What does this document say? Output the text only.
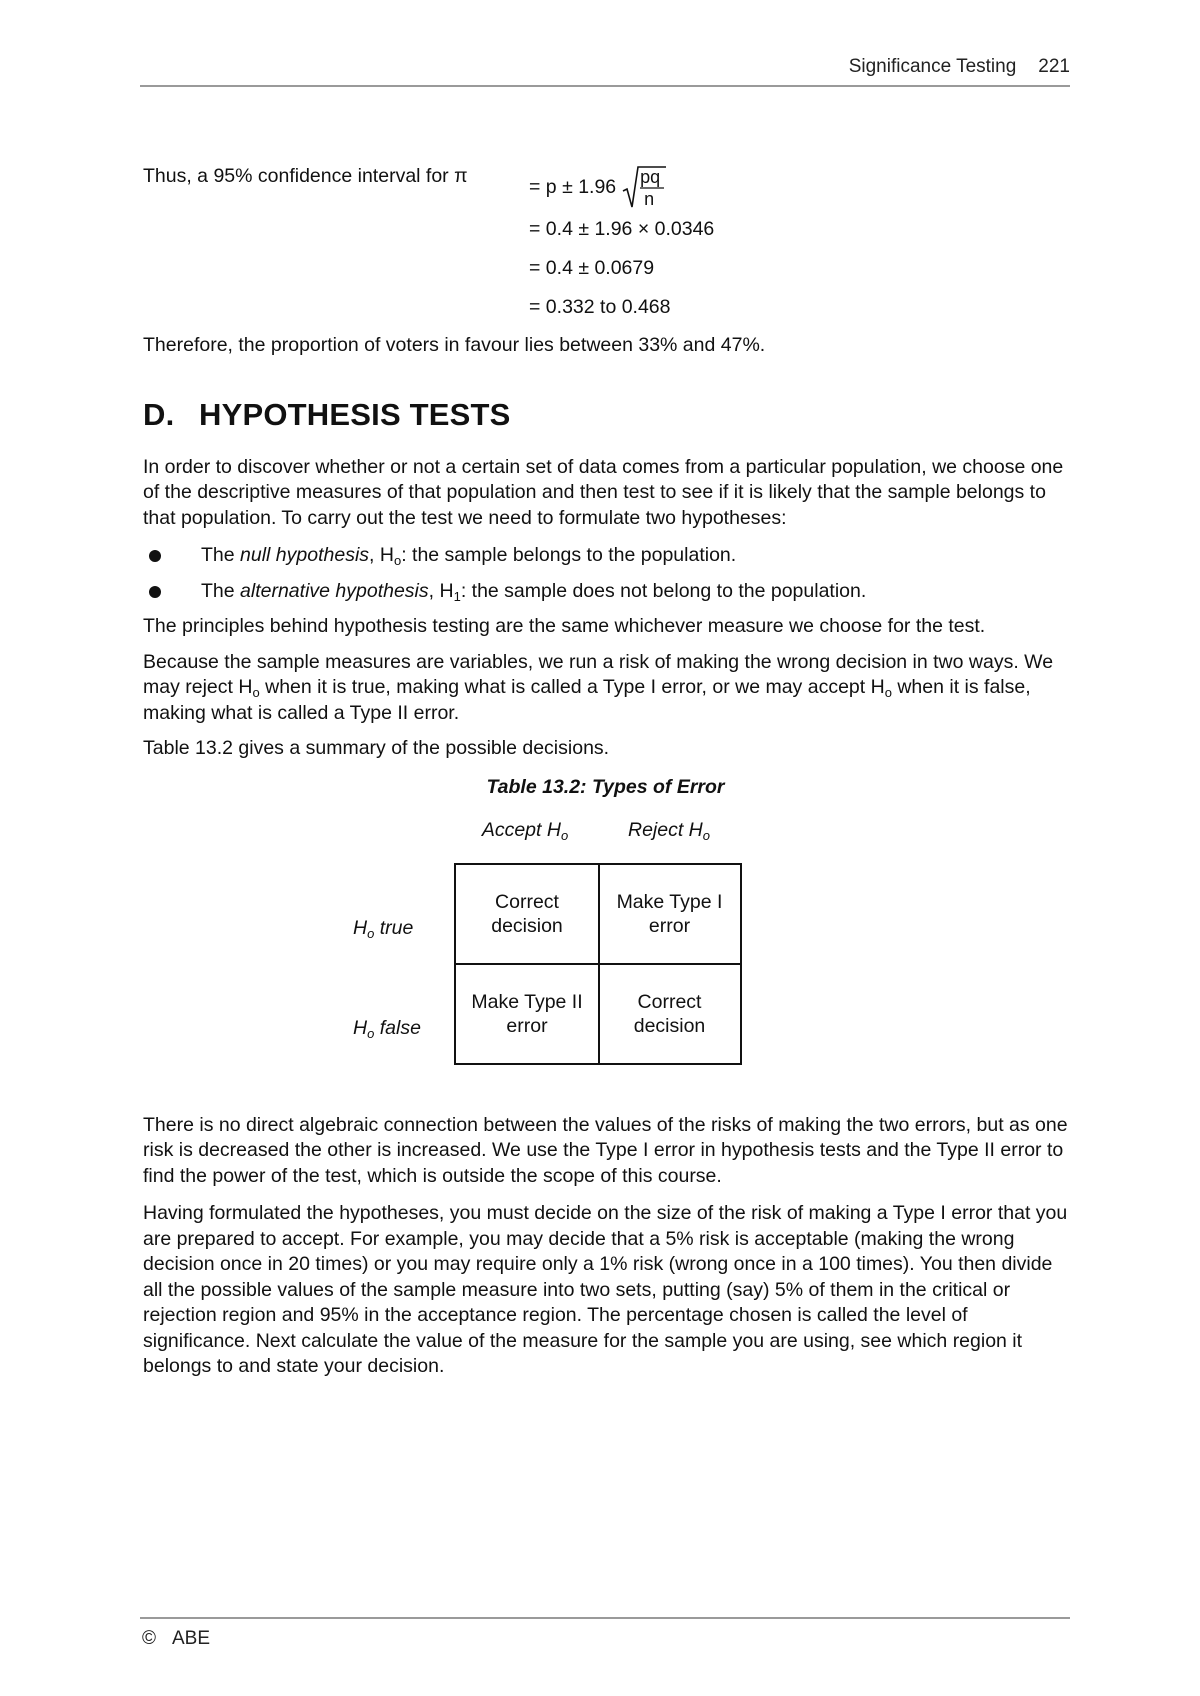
Significance Testing 221
Thus, a 95% confidence interval for π
= p ± 1.96 pq
n
= 0.4 ± 1.96 × 0.0346
= 0.4 ± 0.0679
= 0.332 to 0.468

Therefore, the proportion of voters in favour lies between 33% and 47%.

D. HYPOTHESIS TESTS

In order to discover whether or not a certain set of data comes from a particular population, we choose one of the descriptive measures of that population and then test to see if it is likely that the sample belongs to that population. To carry out the test we need to formulate two hypotheses:

The null hypothesis, $H_o$: the sample belongs to the population.
The alternative hypothesis, $H_1$: the sample does not belong to the population.

The principles behind hypothesis testing are the same whichever measure we choose for the test.

Because the sample measures are variables, we run a risk of making the wrong decision in two ways. We may reject $H_o$ when it is true, making what is called a Type I error, or we may accept $H_o$ when it is false, making what is called a Type II error.

Table 13.2 gives a summary of the possible decisions.

Table 13.2: Types of Error
Accept $H_o$	Reject $H_o$
$H_o$ true
$H_o$ false
Correct decision
Make Type I error
Make Type II error
Correct decision

There is no direct algebraic connection between the values of the risks of making the two errors, but as one risk is decreased the other is increased. We use the Type I error in hypothesis tests and the Type II error to find the power of the test, which is outside the scope of this course.

Having formulated the hypotheses, you must decide on the size of the risk of making a Type I error that you are prepared to accept. For example, you may decide that a 5% risk is acceptable (making the wrong decision once in 20 times) or you may require only a 1% risk (wrong once in a 100 times). You then divide all the possible values of the sample measure into two sets, putting (say) 5% of them in the critical or rejection region and 95% in the acceptance region. The percentage chosen is called the level of significance. Next calculate the value of the measure for the sample you are using, see which region it belongs to and state your decision.

© ABE
